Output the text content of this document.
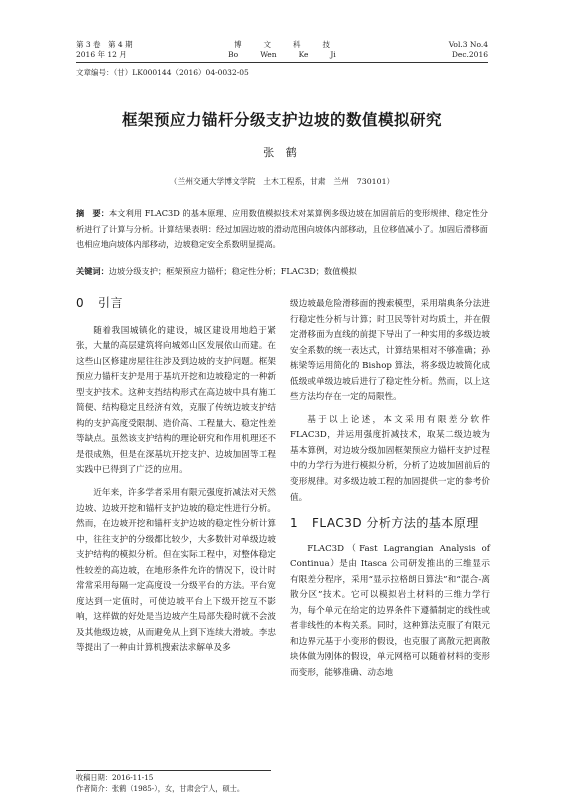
第 3 卷　第 4 期
2016 年 12 月
博	文	科	技
Bo	Wen	Ke	Ji
Vol.3 No.4
Dec.2016
文章编号：（甘）LK000144（2016）04-0032-05
框架预应力锚杆分级支护边坡的数值模拟研究
张 鹤
（兰州交通大学博文学院　土木工程系，甘肃　兰州　730101）
摘　要：本文利用 FLAC3D 的基本原理、应用数值模拟技术对某算例多级边坡在加固前后的变形规律、稳定性分析进行了计算与分析。计算结果表明：经过加固边坡的滑动范围向坡体内部移动，且位移值减小了。加固后滑移面也相应地向坡体内部移动，边坡稳定安全系数明显提高。
关键词：边坡分级支护；框架预应力锚杆；稳定性分析；FLAC3D；数值模拟
0 引言

随着我国城镇化的建设，城区建设用地趋于紧张，大量的高层建筑将向城郊山区发展依山而建。在这些山区修建房屋往往涉及到边坡的支护问题。框架预应力锚杆支护是用于基坑开挖和边坡稳定的一种新型支护技术。这种支挡结构形式在高边坡中具有施工简便、结构稳定且经济有效，克服了传统边坡支护结构的支护高度受限制、造价高、工程量大、稳定性差等缺点。虽然该支护结构的理论研究和作用机理还不是很成熟，但是在深基坑开挖支护、边坡加固等工程实践中已得到了广泛的应用。

近年来，许多学者采用有限元强度折减法对天然边坡、边坡开挖和锚杆支护边坡的稳定性进行分析。然而，在边坡开挖和锚杆支护边坡的稳定性分析计算中，往往支护的分级都比较少，大多数针对单级边坡支护结构的模拟分析。但在实际工程中，对整体稳定性较差的高边坡，在地形条件允许的情况下，设计时常常采用每隔一定高度设一分级平台的方法。平台宽度达到一定值时，可使边坡平台上下级开挖互不影响，这样做的好处是当边坡产生局部失稳时就不会波及其他级边坡，从而避免从上到下连续大滑坡。李忠等提出了一种由计算机搜索法求解单及多

级边坡最危险滑移面的搜索模型，采用瑞典条分法进行稳定性分析与计算；时卫民等针对均质土，并在假定滑移面为直线的前提下导出了一种实用的多级边坡安全系数的统一表达式，计算结果相对不够准确；孙栋梁等运用简化的 Bishop 算法，将多级边坡简化成低级或单级边坡后进行了稳定性分析。然而，以上这些方法均存在一定的局限性。

基于以上论述，本文采用有限差分软件 FLAC3D，并运用强度折减技术，取某二级边坡为基本算例，对边坡分级加固框架预应力锚杆支护过程中的力学行为进行模拟分析，分析了边坡加固前后的变形规律。对多级边坡工程的加固提供一定的参考价值。

1 FLAC3D 分析方法的基本原理

FLAC3D（Fast Lagrangian Analysis of Continua）是由 Itasca 公司研发推出的三维显示有限差分程序，采用“显示拉格朗日算法”和“混合-离散分区”技术。它可以模拟岩土材料的三维力学行为，每个单元在给定的边界条件下遵循制定的线性或者非线性的本构关系。同时，这种算法克服了有限元和边界元基于小变形的假设，也克服了离散元把离散块体做为刚体的假设，单元网格可以随着材料的变形而变形，能够准确、动态地

收稿日期：2016-11-15
作者简介：张鹤（1985-），女，甘肃会宁人，硕士。
